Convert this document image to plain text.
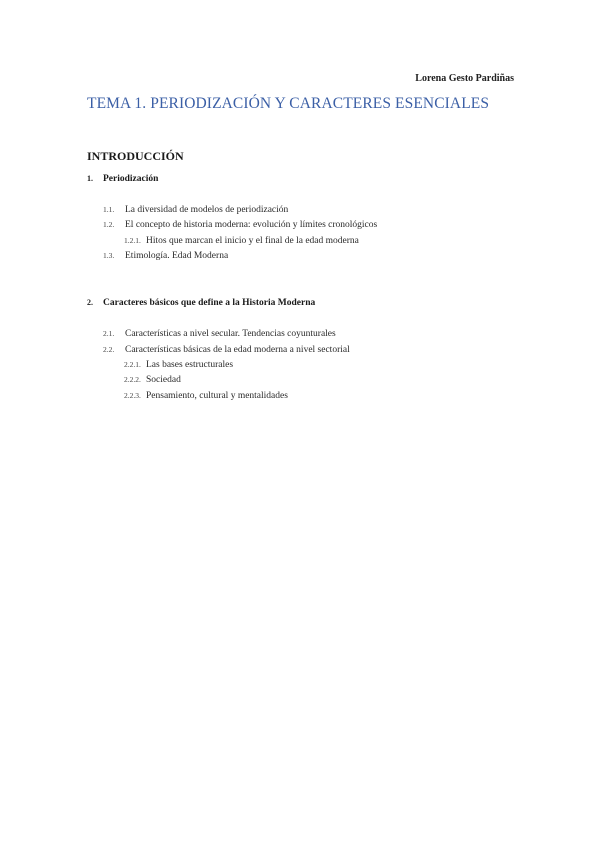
Lorena Gesto Pardiñas
TEMA 1. PERIODIZACIÓN Y CARACTERES ESENCIALES
INTRODUCCIÓN
1. Periodización
1.1. La diversidad de modelos de periodización
1.2. El concepto de historia moderna: evolución y límites cronológicos
1.2.1. Hitos que marcan el inicio y el final de la edad moderna
1.3. Etimología. Edad Moderna
2. Caracteres básicos que define a la Historia Moderna
2.1. Características a nivel secular. Tendencias coyunturales
2.2. Características básicas de la edad moderna a nivel sectorial
2.2.1. Las bases estructurales
2.2.2. Sociedad
2.2.3. Pensamiento, cultural y mentalidades
